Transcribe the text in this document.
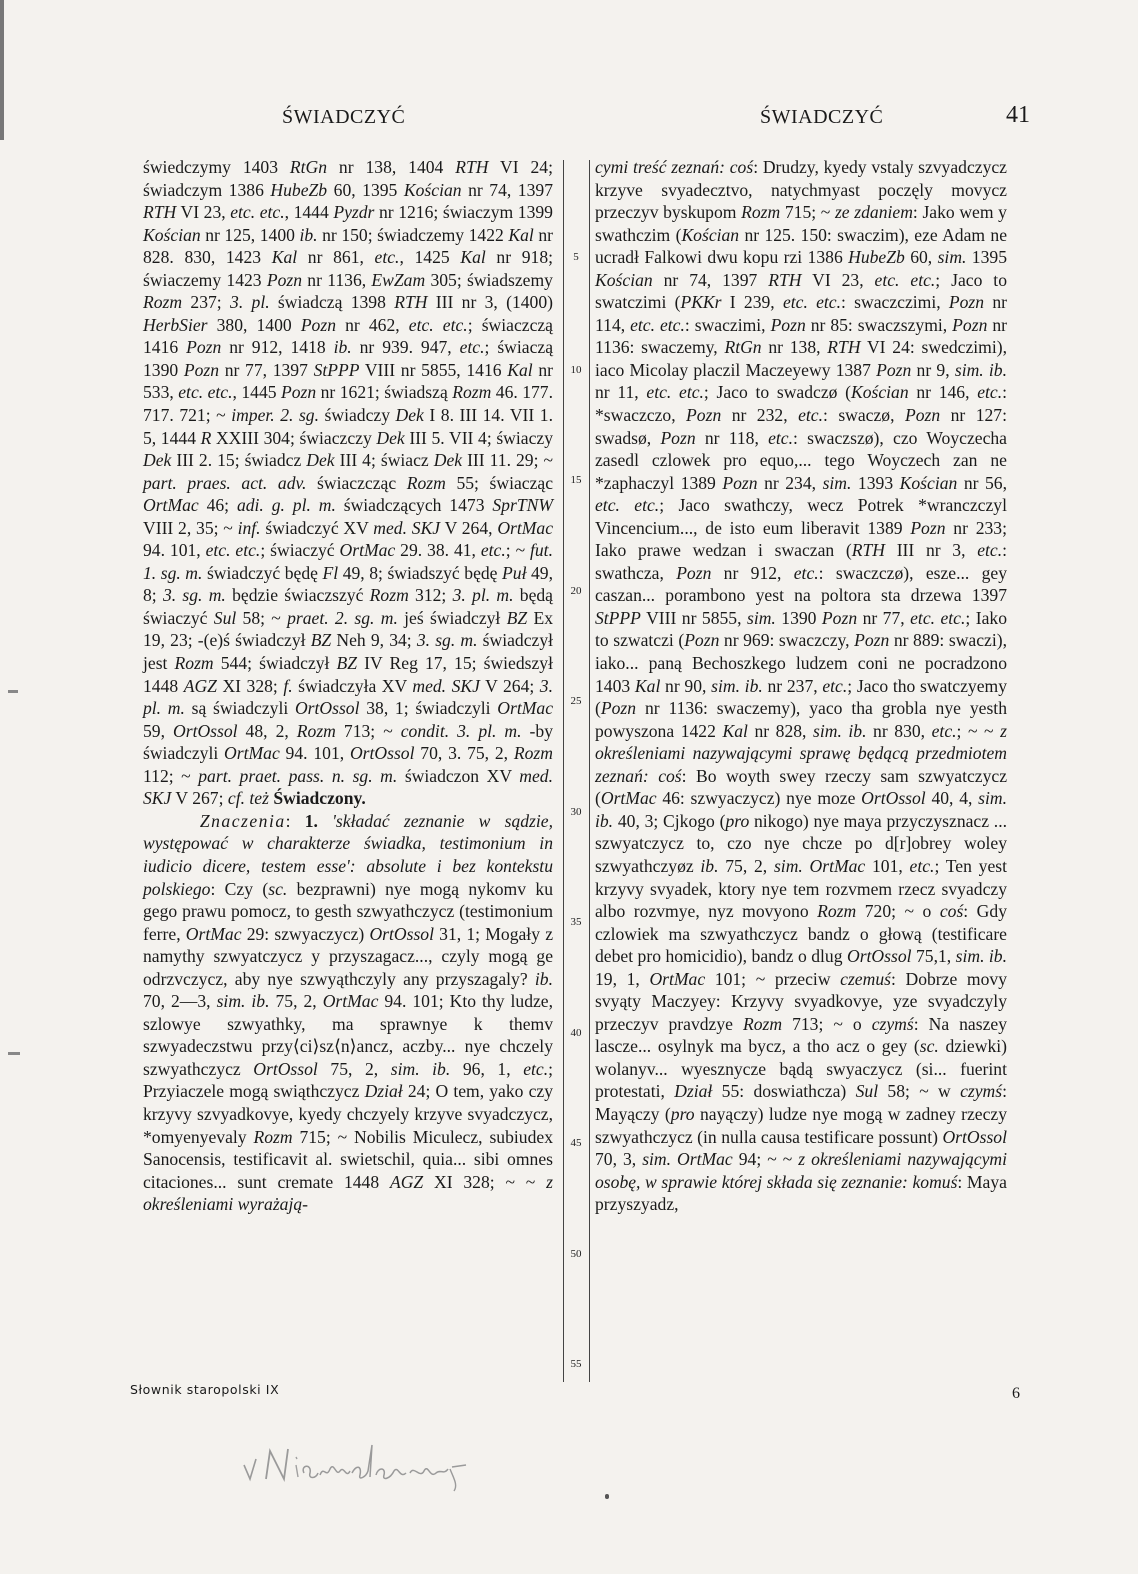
ŚWIADCZYĆ	ŚWIADCZYĆ	41

świedczymy 1403 RtGn nr 138, 1404 RTH VI 24; świadczym 1386 HubeZb 60, 1395 Kościan nr 74, 1397 RTH VI 23, etc. etc., 1444 Pyzdr nr 1216; świaczym 1399 Kościan nr 125, 1400 ib. nr 150; świadczemy 1422 Kal nr 828. 830, 1423 Kal nr 861, etc., 1425 Kal nr 918; świaczemy 1423 Pozn nr 1136, EwZam 305; świadszemy Rozm 237; 3. pl. świadczą 1398 RTH III nr 3, (1400) HerbSier 380, 1400 Pozn nr 462, etc. etc.; świaczczą 1416 Pozn nr 912, 1418 ib. nr 939. 947, etc.; świaczą 1390 Pozn nr 77, 1397 StPPP VIII nr 5855, 1416 Kal nr 533, etc. etc., 1445 Pozn nr 1621; świadszą Rozm 46. 177. 717. 721; ~ imper. 2. sg. świadczy Dek I 8. III 14. VII 1. 5, 1444 R XXIII 304; świaczczy Dek III 5. VII 4; świaczy Dek III 2. 15; świadcz Dek III 4; świacz Dek III 11. 29; ~ part. praes. act. adv. świaczcząc Rozm 55; świacząc OrtMac 46; adi. g. pl. m. świadczących 1473 SprTNW VIII 2, 35; ~ inf. świadczyć XV med. SKJ V 264, OrtMac 94. 101, etc. etc.; świaczyć OrtMac 29. 38. 41, etc.; ~ fut. 1. sg. m. świadczyć będę Fl 49, 8; świadszyć będę Puł 49, 8; 3. sg. m. będzie świaczszyć Rozm 312; 3. pl. m. będą świaczyć Sul 58; ~ praet. 2. sg. m. jeś świadczył BZ Ex 19, 23; -(e)ś świadczył BZ Neh 9, 34; 3. sg. m. świadczył jest Rozm 544; świadczył BZ IV Reg 17, 15; świedszył 1448 AGZ XI 328; f. świadczyła XV med. SKJ V 264; 3. pl. m. są świadczyli OrtOssol 38, 1; świadczyli OrtMac 59, OrtOssol 48, 2, Rozm 713; ~ condit. 3. pl. m. -by świadczyli OrtMac 94. 101, OrtOssol 70, 3. 75, 2, Rozm 112; ~ part. praet. pass. n. sg. m. świadczon XV med. SKJ V 267; cf. też Świadczony.

Znaczenia: 1. 'składać zeznanie w sądzie, występować w charakterze świadka, testimonium in iudicio dicere, testem esse': absolute i bez kontekstu polskiego: Czy (sc. bezprawni) nye mogą nykomv ku gego prawu pomocz, to gesth szwyathczycz (testimonium ferre, OrtMac 29: szwyaczycz) OrtOssol 31, 1; Mogały z namythy szwyatczycz y przyszagacz..., czyly mogą ge odrzvczycz, aby nye szwyąthczyly any przyszagaly? ib. 70, 2—3, sim. ib. 75, 2, OrtMac 94. 101; Kto thy ludze, szlowye szwyathky, ma sprawnye k themv szwyadeczstwu przy⟨ci⟩sz⟨n⟩ancz, aczby... nye chczely szwyathczycz OrtOssol 75, 2, sim. ib. 96, 1, etc.; Przyiaczele mogą swiąthczycz Dział 24; O tem, yako czy krzyvy szvyadkovye, kyedy chczyely krzyve svyadczycz, *omyenyevaly Rozm 715; ~ Nobilis Miculecz, subiudex Sanocensis, testificavit al. swietschil, quia... sibi omnes citaciones... sunt cremate 1448 AGZ XI 328; ~ ~ z określeniami wyrażają-

cymi treść zeznań: coś: Drudzy, kyedy vstaly szvyadczycz krzyve svyadecztvo, natychmyast poczęly movycz przeczyv byskupom Rozm 715; ~ ze zdaniem: Jako wem y swathczim (Kościan nr 125. 150: swaczim), eze Adam ne ucradł Falkowi dwu kopu rzi 1386 HubeZb 60, sim. 1395 Kościan nr 74, 1397 RTH VI 23, etc. etc.; Jaco to swatczimi (PKKr I 239, etc. etc.: swaczczimi, Pozn nr 114, etc. etc.: swaczimi, Pozn nr 85: swaczszymi, Pozn nr 1136: swaczemy, RtGn nr 138, RTH VI 24: swedczimi), iaco Micolay placzil Maczeyewy 1387 Pozn nr 9, sim. ib. nr 11, etc. etc.; Jaco to swadczø (Kościan nr 146, etc.: *swaczczo, Pozn nr 232, etc.: swaczø, Pozn nr 127: swadsø, Pozn nr 118, etc.: swaczszø), czo Woyczecha zasedl czlowek pro equo,... tego Woyczech zan ne *zaphaczyl 1389 Pozn nr 234, sim. 1393 Kościan nr 56, etc. etc.; Jaco swathczy, wecz Potrek *wranczczyl Vincencium..., de isto eum liberavit 1389 Pozn nr 233; Iako prawe wedzan i swaczan (RTH III nr 3, etc.: swathcza, Pozn nr 912, etc.: swaczczø), esze... gey caszan... porambono yest na poltora sta drzewa 1397 StPPP VIII nr 5855, sim. 1390 Pozn nr 77, etc. etc.; Iako to szwatczi (Pozn nr 969: swaczczy, Pozn nr 889: swaczi), iako... paną Bechoszkego ludzem coni ne pocradzono 1403 Kal nr 90, sim. ib. nr 237, etc.; Jaco tho swatczyemy (Pozn nr 1136: swaczemy), yaco tha grobla nye yesth powyszona 1422 Kal nr 828, sim. ib. nr 830, etc.; ~ ~ z określeniami nazywającymi sprawę będącą przedmiotem zeznań: coś: Bo woyth swey rzeczy sam szwyatczycz (OrtMac 46: szwyaczycz) nye moze OrtOssol 40, 4, sim. ib. 40, 3; Cjkogo (pro nikogo) nye maya przyczysznacz ... szwyatczycz to, czo nye chcze po d[r]obrey woley szwyathczyøz ib. 75, 2, sim. OrtMac 101, etc.; Ten yest krzyvy svyadek, ktory nye tem rozvmem rzecz svyadczy albo rozvmye, nyz movyono Rozm 720; ~ o coś: Gdy czlowiek ma szwyathczycz bandz o głową (testificare debet pro homicidio), bandz o dlug OrtOssol 75,1, sim. ib. 19, 1, OrtMac 101; ~ przeciw czemuś: Dobrze movy svyąty Maczyey: Krzyvy svyadkovye, yze svyadczyly przeczyv pravdzye Rozm 713; ~ o czymś: Na naszey lascze... osylnyk ma bycz, a tho acz o gey (sc. dziewki) wolanyv... wyesznycze bądą swyaczycz (si... fuerint protestati, Dział 55: doswiathcza) Sul 58; ~ w czymś: Mayączy (pro nayączy) ludze nye mogą w zadney rzeczy szwyathczycz (in nulla causa testificare possunt) OrtOssol 70, 3, sim. OrtMac 94; ~ ~ z określeniami nazywającymi osobę, w sprawie której składa się zeznanie: komuś: Maya przyszyadz,

5
10
15
20
25
30
35
40
45
50
55
Słownik staropolski IX	6
